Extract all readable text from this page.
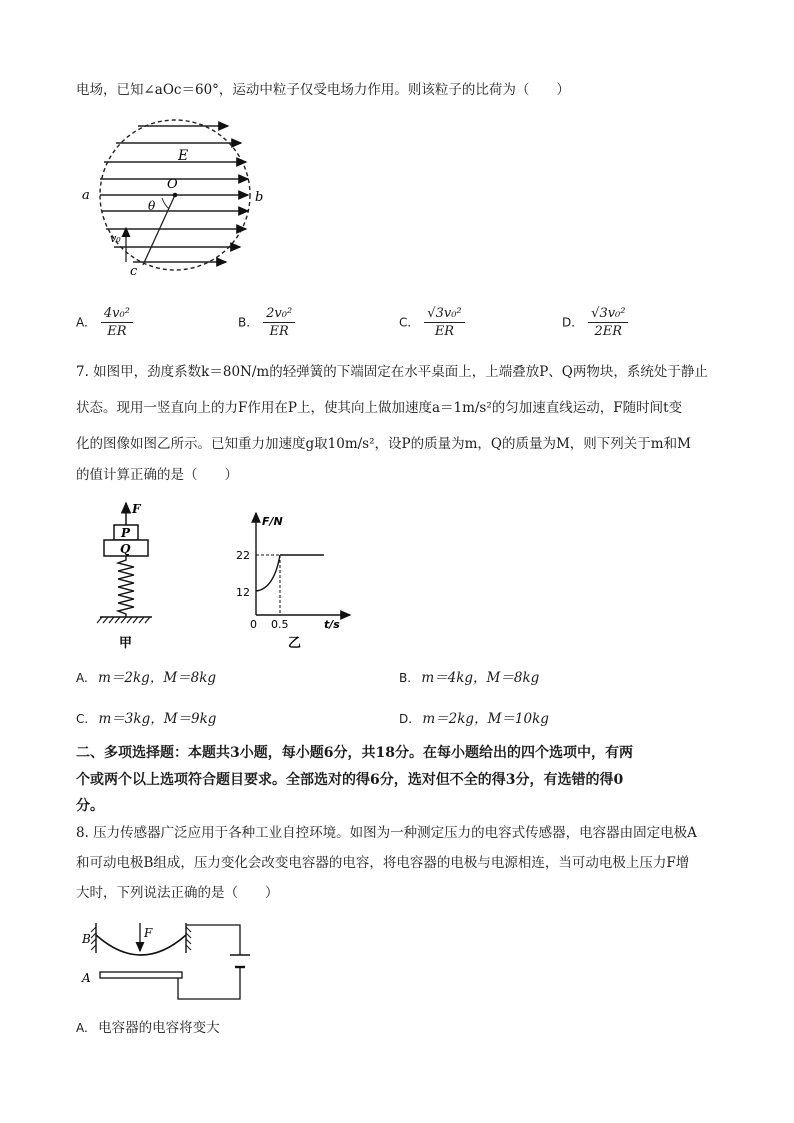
电场，已知∠aOc＝60°，运动中粒子仅受电场力作用。则该粒子的比荷为（　　）
E
O
a	b
c
θ
v₀
A. $\frac{\text{4v₀²}}{ER}$	B. $\frac{\text{2v₀²}}{ER}$	C. $\frac{\text{√3v₀²}}{ER}$	D. $\frac{\text{√3v₀²}}{2ER}$
7. 如图甲，劲度系数k＝80N/m的轻弹簧的下端固定在水平桌面上，上端叠放P、Q两物块，系统处于静止
状态。现用一竖直向上的力F作用在P上，使其向上做加速度a＝1m/s²的匀加速直线运动，F随时间t变
化的图像如图乙所示。已知重力加速度g取10m/s²，设P的质量为m，Q的质量为M，则下列关于m和M
的值计算正确的是（　　）
F
P
Q
甲
F/N
22
12
0 0.5	t/s
乙
A. m＝2kg，M＝8kg	B. m＝4kg，M＝8kg
C. m＝3kg，M＝9kg	D. m＝2kg，M＝10kg
二、多项选择题：本题共3小题，每小题6分，共18分。在每小题给出的四个选项中，有两
个或两个以上选项符合题目要求。全部选对的得6分，选对但不全的得3分，有选错的得0
分。
8. 压力传感器广泛应用于各种工业自控环境。如图为一种测定压力的电容式传感器，电容器由固定电极A
和可动电极B组成，压力变化会改变电容器的电容，将电容器的电极与电源相连，当可动电极上压力F增
大时，下列说法正确的是（　　）
B	F
A
A. 电容器的电容将变大
